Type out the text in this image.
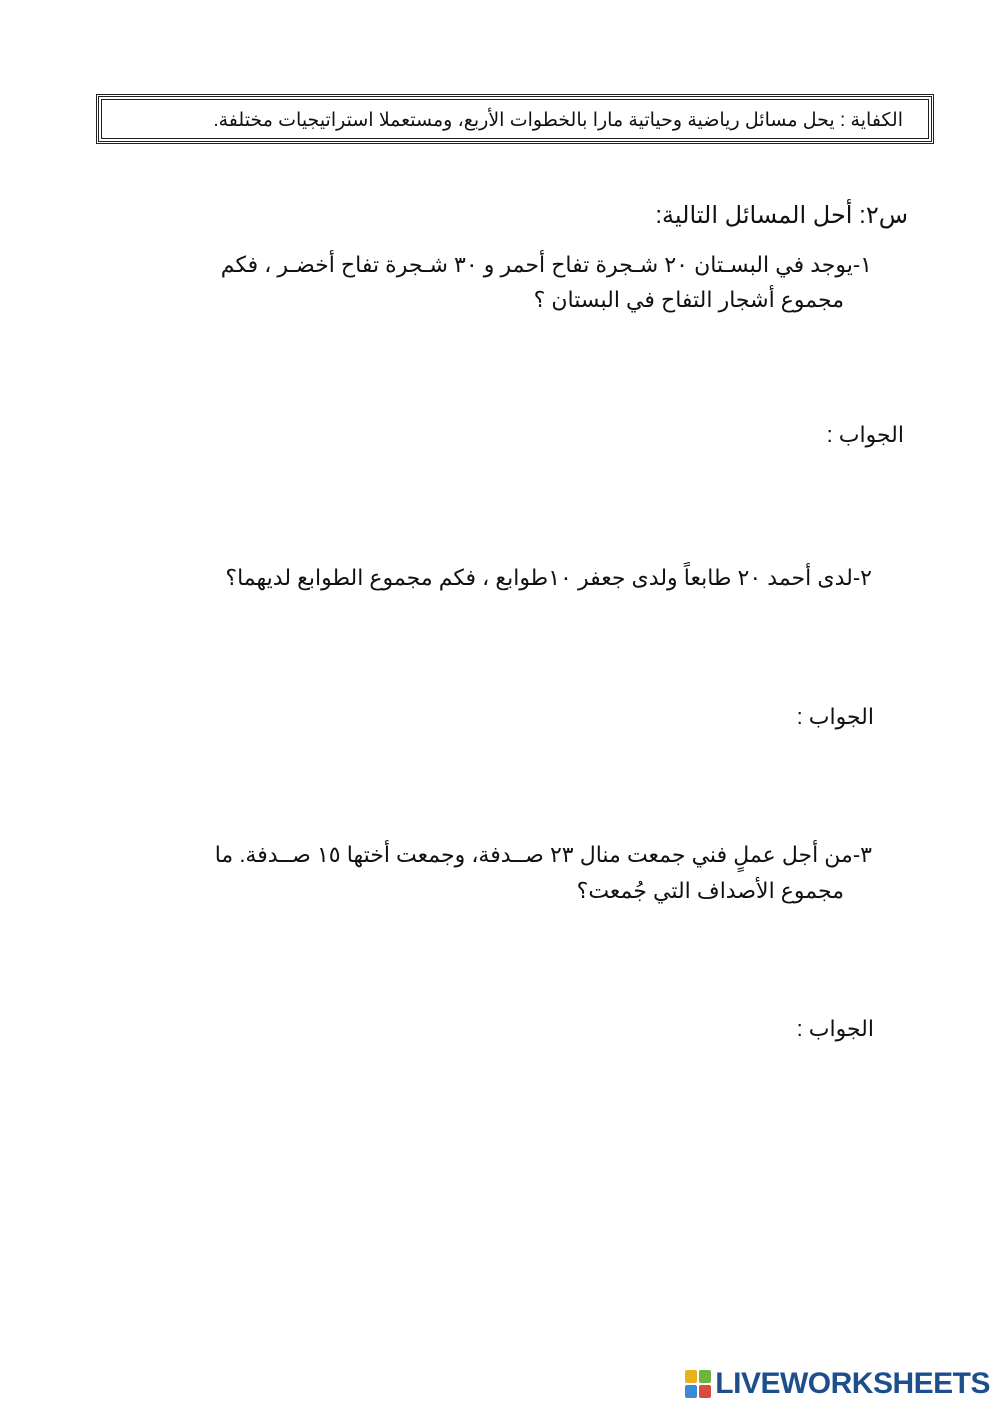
الكفاية : يحل مسائل رياضية وحياتية مارا بالخطوات الأربع، ومستعملا استراتيجيات مختلفة.
س٢: أحل المسائل التالية:
١-يوجد في البسـتان ٢٠ شـجرة تفاح أحمر و ٣٠ شـجرة تفاح أخضـر ، فكم
مجموع أشجار التفاح في البستان ؟
الجواب :
٢-لدى أحمد ٢٠ طابعاً ولدى جعفر ١٠طوابع ، فكم مجموع الطوابع لديهما؟
الجواب :
٣-من أجل عملٍ فني جمعت منال ٢٣ صــدفة، وجمعت أختها ١٥ صــدفة. ما
مجموع الأصداف التي جُمعت؟
الجواب :
LIVEWORKSHEETS
